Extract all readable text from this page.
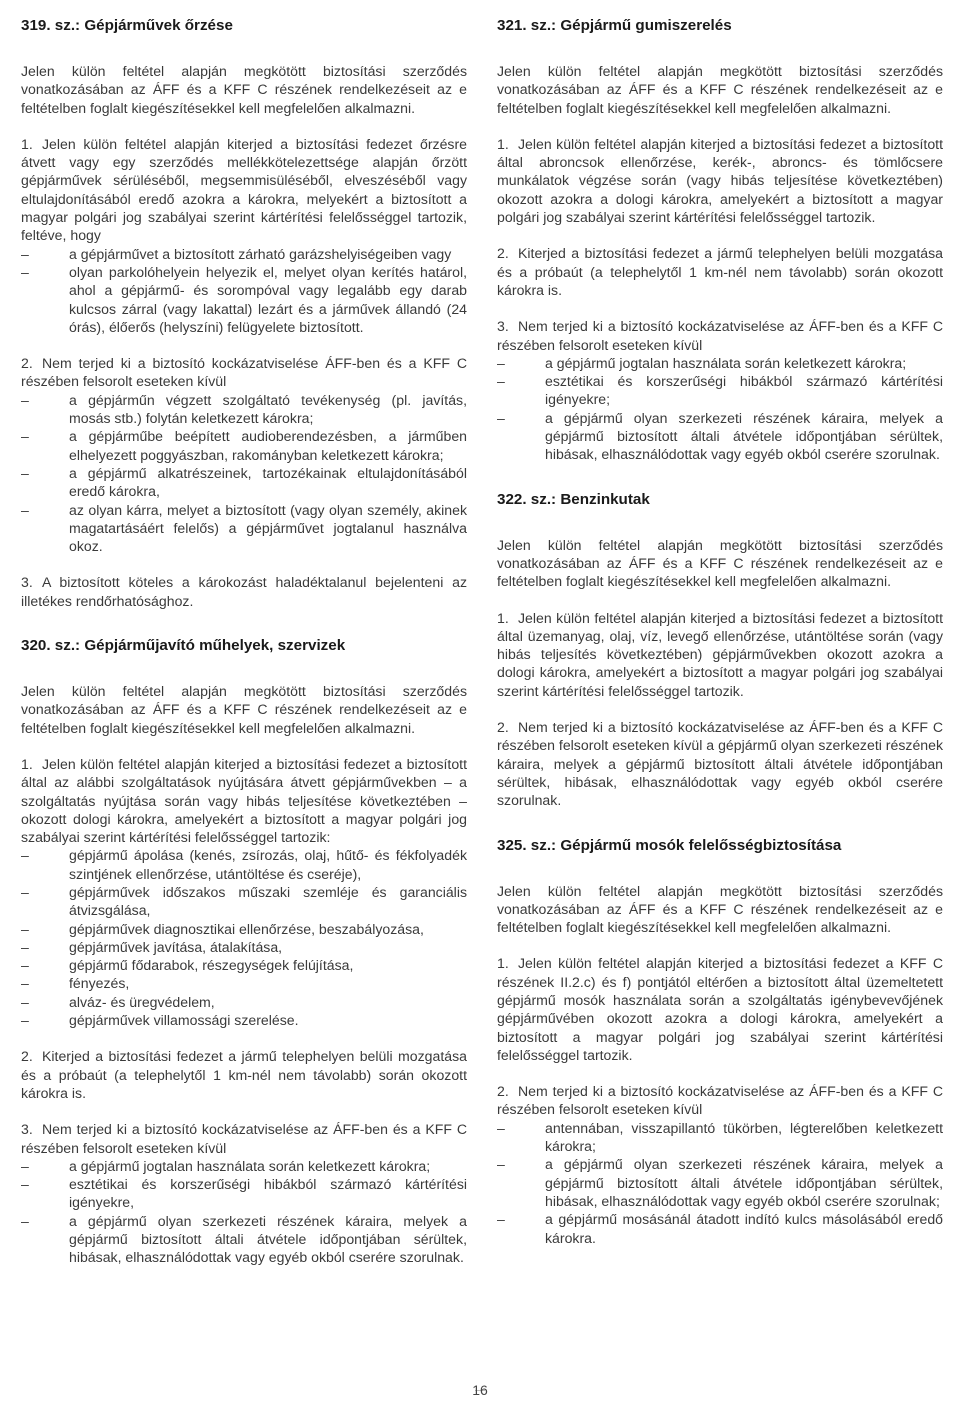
319. sz.: Gépjárművek őrzése

Jelen külön feltétel alapján megkötött biztosítási szerződés vonatkozásában az ÁFF és a KFF C részének rendelkezéseit az e feltételben foglalt kiegészítésekkel kell megfelelően alkalmazni.

1. Jelen külön feltétel alapján kiterjed a biztosítási fedezet őrzésre átvett vagy egy szerződés mellékkötelezettsége alapján őrzött gépjárművek sérüléséből, megsemmisüléséből, elveszéséből vagy eltulajdonításából eredő azokra a károkra, melyekért a biztosított a magyar polgári jog szabályai szerint kártérítési felelősséggel tartozik, feltéve, hogy
–	a gépjárművet a biztosított zárható garázshelyiségeiben vagy
–	olyan parkolóhelyein helyezik el, melyet olyan kerítés határol, ahol a gépjármű- és sorompóval vagy legalább egy darab kulcsos zárral (vagy lakattal) lezárt és a járművek állandó (24 órás), élőerős (helyszíni) felügyelete biztosított.
2. Nem terjed ki a biztosító kockázatviselése ÁFF-ben és a KFF C részében felsorolt eseteken kívül
–	a gépjárműn végzett szolgáltató tevékenység (pl. javítás, mosás stb.) folytán keletkezett károkra;
–	a gépjárműbe beépített audioberendezésben, a járműben elhelyezett poggyászban, rakományban keletkezett károkra;
–	a gépjármű alkatrészeinek, tartozékainak eltulajdonításából eredő károkra,
–	az olyan kárra, melyet a biztosított (vagy olyan személy, akinek magatartásáért felelős) a gépjárművet jogtalanul használva okoz.
3. A biztosított köteles a károkozást haladéktalanul bejelenteni az illetékes rendőrhatósághoz.
320. sz.: Gépjárműjavító műhelyek, szervizek

Jelen külön feltétel alapján megkötött biztosítási szerződés vonatkozásában az ÁFF és a KFF C részének rendelkezéseit az e feltételben foglalt kiegészítésekkel kell megfelelően alkalmazni.

1. Jelen külön feltétel alapján kiterjed a biztosítási fedezet a biztosított által az alábbi szolgáltatások nyújtására átvett gépjárművekben – a szolgáltatás nyújtása során vagy hibás teljesítése következtében – okozott dologi károkra, amelyekért a biztosított a magyar polgári jog szabályai szerint kártérítési felelősséggel tartozik:
–	gépjármű ápolása (kenés, zsírozás, olaj, hűtő- és fékfolyadék szintjének ellenőrzése, utántöltése és cseréje),
–	gépjárművek időszakos műszaki szemléje és garanciális átvizsgálása,
–	gépjárművek diagnosztikai ellenőrzése, beszabályozása,
–	gépjárművek javítása, átalakítása,
–	gépjármű fődarabok, részegységek felújítása,
–	fényezés,
–	alváz- és üregvédelem,
–	gépjárművek villamossági szerelése.
2. Kiterjed a biztosítási fedezet a jármű telephelyen belüli mozgatása és a próbaút (a telephelytől 1 km-nél nem távolabb) során okozott károkra is.
3. Nem terjed ki a biztosító kockázatviselése az ÁFF-ben és a KFF C részében felsorolt eseteken kívül
–	a gépjármű jogtalan használata során keletkezett károkra;
–	esztétikai és korszerűségi hibákból származó kártérítési igényekre,
–	a gépjármű olyan szerkezeti részének káraira, melyek a gépjármű biztosított általi átvétele időpontjában sérültek, hibásak, elhasználódottak vagy egyéb okból cserére szorulnak.
321. sz.: Gépjármű gumiszerelés

Jelen külön feltétel alapján megkötött biztosítási szerződés vonatkozásában az ÁFF és a KFF C részének rendelkezéseit az e feltételben foglalt kiegészítésekkel kell megfelelően alkalmazni.

1. Jelen külön feltétel alapján kiterjed a biztosítási fedezet a biztosított által abroncsok ellenőrzése, kerék-, abroncs- és tömlőcsere munkálatok végzése során (vagy hibás teljesítése következtében) okozott azokra a dologi károkra, amelyekért a biztosított a magyar polgári jog szabályai szerint kártérítési felelősséggel tartozik.
2. Kiterjed a biztosítási fedezet a jármű telephelyen belüli mozgatása és a próbaút (a telephelytől 1 km-nél nem távolabb) során okozott károkra is.
3. Nem terjed ki a biztosító kockázatviselése az ÁFF-ben és a KFF C részében felsorolt eseteken kívül
–	a gépjármű jogtalan használata során keletkezett károkra;
–	esztétikai és korszerűségi hibákból származó kártérítési igényekre;
–	a gépjármű olyan szerkezeti részének káraira, melyek a gépjármű biztosított általi átvétele időpontjában sérültek, hibásak, elhasználódottak vagy egyéb okból cserére szorulnak.
322. sz.: Benzinkutak

Jelen külön feltétel alapján megkötött biztosítási szerződés vonatkozásában az ÁFF és a KFF C részének rendelkezéseit az e feltételben foglalt kiegészítésekkel kell megfelelően alkalmazni.

1. Jelen külön feltétel alapján kiterjed a biztosítási fedezet a biztosított által üzemanyag, olaj, víz, levegő ellenőrzése, utántöltése során (vagy hibás teljesítés következtében) gépjárművekben okozott azokra a dologi károkra, amelyekért a biztosított a magyar polgári jog szabályai szerint kártérítési felelősséggel tartozik.
2. Nem terjed ki a biztosító kockázatviselése az ÁFF-ben és a KFF C részében felsorolt eseteken kívül a gépjármű olyan szerkezeti részének káraira, melyek a gépjármű biztosított általi átvétele időpontjában sérültek, hibásak, elhasználódottak vagy egyéb okból cserére szorulnak.
325. sz.: Gépjármű mosók felelősségbiztosítása

Jelen külön feltétel alapján megkötött biztosítási szerződés vonatkozásában az ÁFF és a KFF C részének rendelkezéseit az e feltételben foglalt kiegészítésekkel kell megfelelően alkalmazni.

1. Jelen külön feltétel alapján kiterjed a biztosítási fedezet a KFF C részének II.2.c) és f) pontjától eltérően a biztosított által üzemeltetett gépjármű mosók használata során a szolgáltatás igénybevevőjének gépjárművében okozott azokra a dologi károkra, amelyekért a biztosított a magyar polgári jog szabályai szerint kártérítési felelősséggel tartozik.
2. Nem terjed ki a biztosító kockázatviselése az ÁFF-ben és a KFF C részében felsorolt eseteken kívül
–	antennában, visszapillantó tükörben, légterelőben keletkezett károkra;
–	a gépjármű olyan szerkezeti részének káraira, melyek a gépjármű biztosított általi átvétele időpontjában sérültek, hibásak, elhasználódottak vagy egyéb okból cserére szorulnak;
–	a gépjármű mosásánál átadott indító kulcs másolásából eredő károkra.
16
